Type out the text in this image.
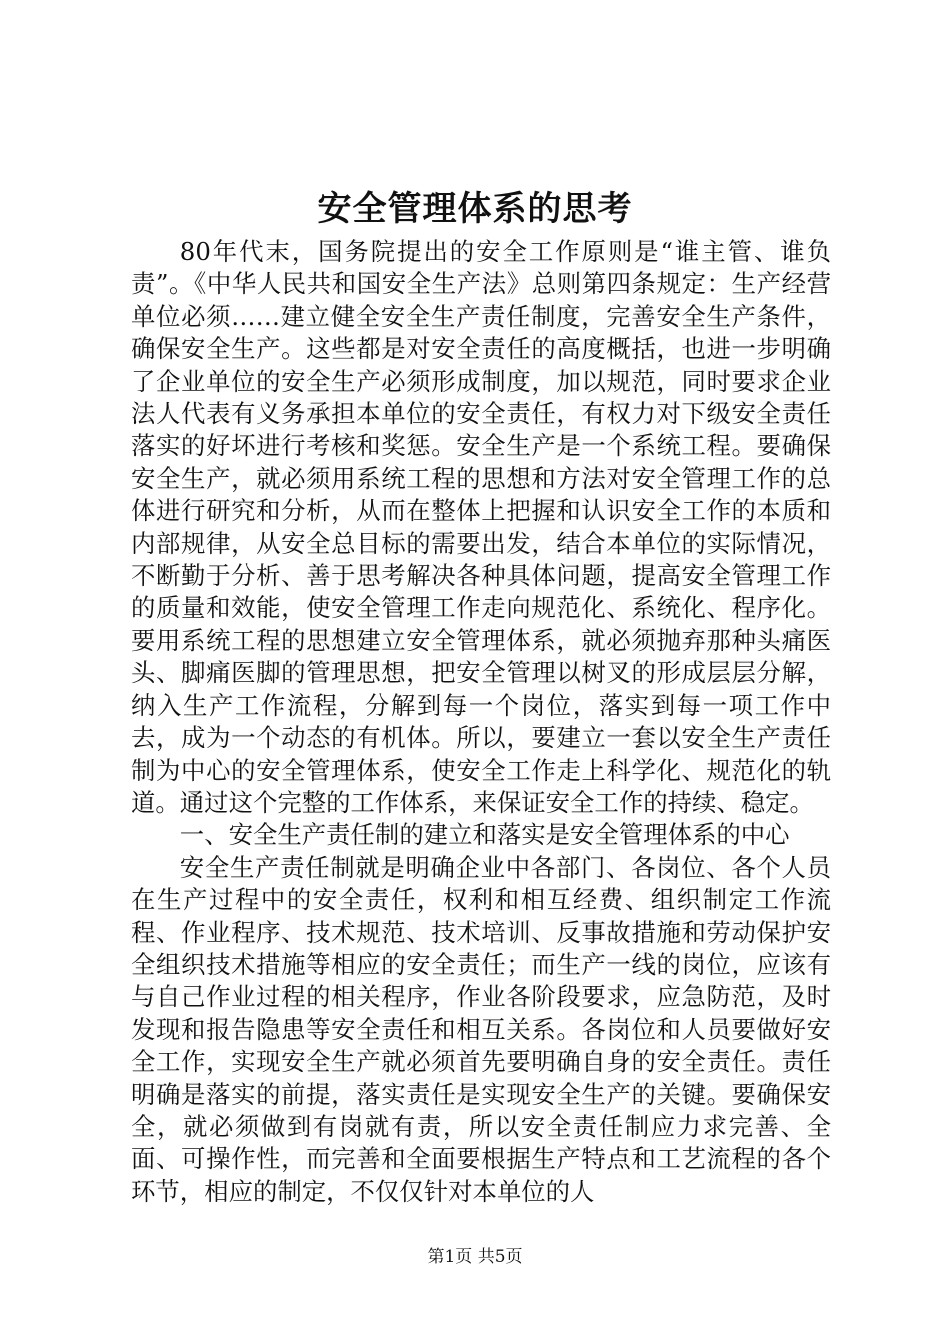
安全管理体系的思考

80年代末，国务院提出的安全工作原则是“谁主管、谁负责”。《中华人民共和国安全生产法》总则第四条规定：生产经营单位必须……建立健全安全生产责任制度，完善安全生产条件，确保安全生产。这些都是对安全责任的高度概括，也进一步明确了企业单位的安全生产必须形成制度，加以规范，同时要求企业法人代表有义务承担本单位的安全责任，有权力对下级安全责任落实的好坏进行考核和奖惩。安全生产是一个系统工程。要确保安全生产，就必须用系统工程的思想和方法对安全管理工作的总体进行研究和分析，从而在整体上把握和认识安全工作的本质和内部规律，从安全总目标的需要出发，结合本单位的实际情况，不断勤于分析、善于思考解决各种具体问题，提高安全管理工作的质量和效能，使安全管理工作走向规范化、系统化、程序化。要用系统工程的思想建立安全管理体系，就必须抛弃那种头痛医头、脚痛医脚的管理思想，把安全管理以树叉的形成层层分解，纳入生产工作流程，分解到每一个岗位，落实到每一项工作中去，成为一个动态的有机体。所以，要建立一套以安全生产责任制为中心的安全管理体系，使安全工作走上科学化、规范化的轨道。通过这个完整的工作体系，来保证安全工作的持续、稳定。

一、安全生产责任制的建立和落实是安全管理体系的中心

安全生产责任制就是明确企业中各部门、各岗位、各个人员在生产过程中的安全责任，权利和相互经费、组织制定工作流程、作业程序、技术规范、技术培训、反事故措施和劳动保护安全组织技术措施等相应的安全责任；而生产一线的岗位，应该有与自己作业过程的相关程序，作业各阶段要求，应急防范，及时发现和报告隐患等安全责任和相互关系。各岗位和人员要做好安全工作，实现安全生产就必须首先要明确自身的安全责任。责任明确是落实的前提，落实责任是实现安全生产的关键。要确保安全，就必须做到有岗就有责，所以安全责任制应力求完善、全面、可操作性，而完善和全面要根据生产特点和工艺流程的各个环节，相应的制定，不仅仅针对本单位的人

第1页 共5页
